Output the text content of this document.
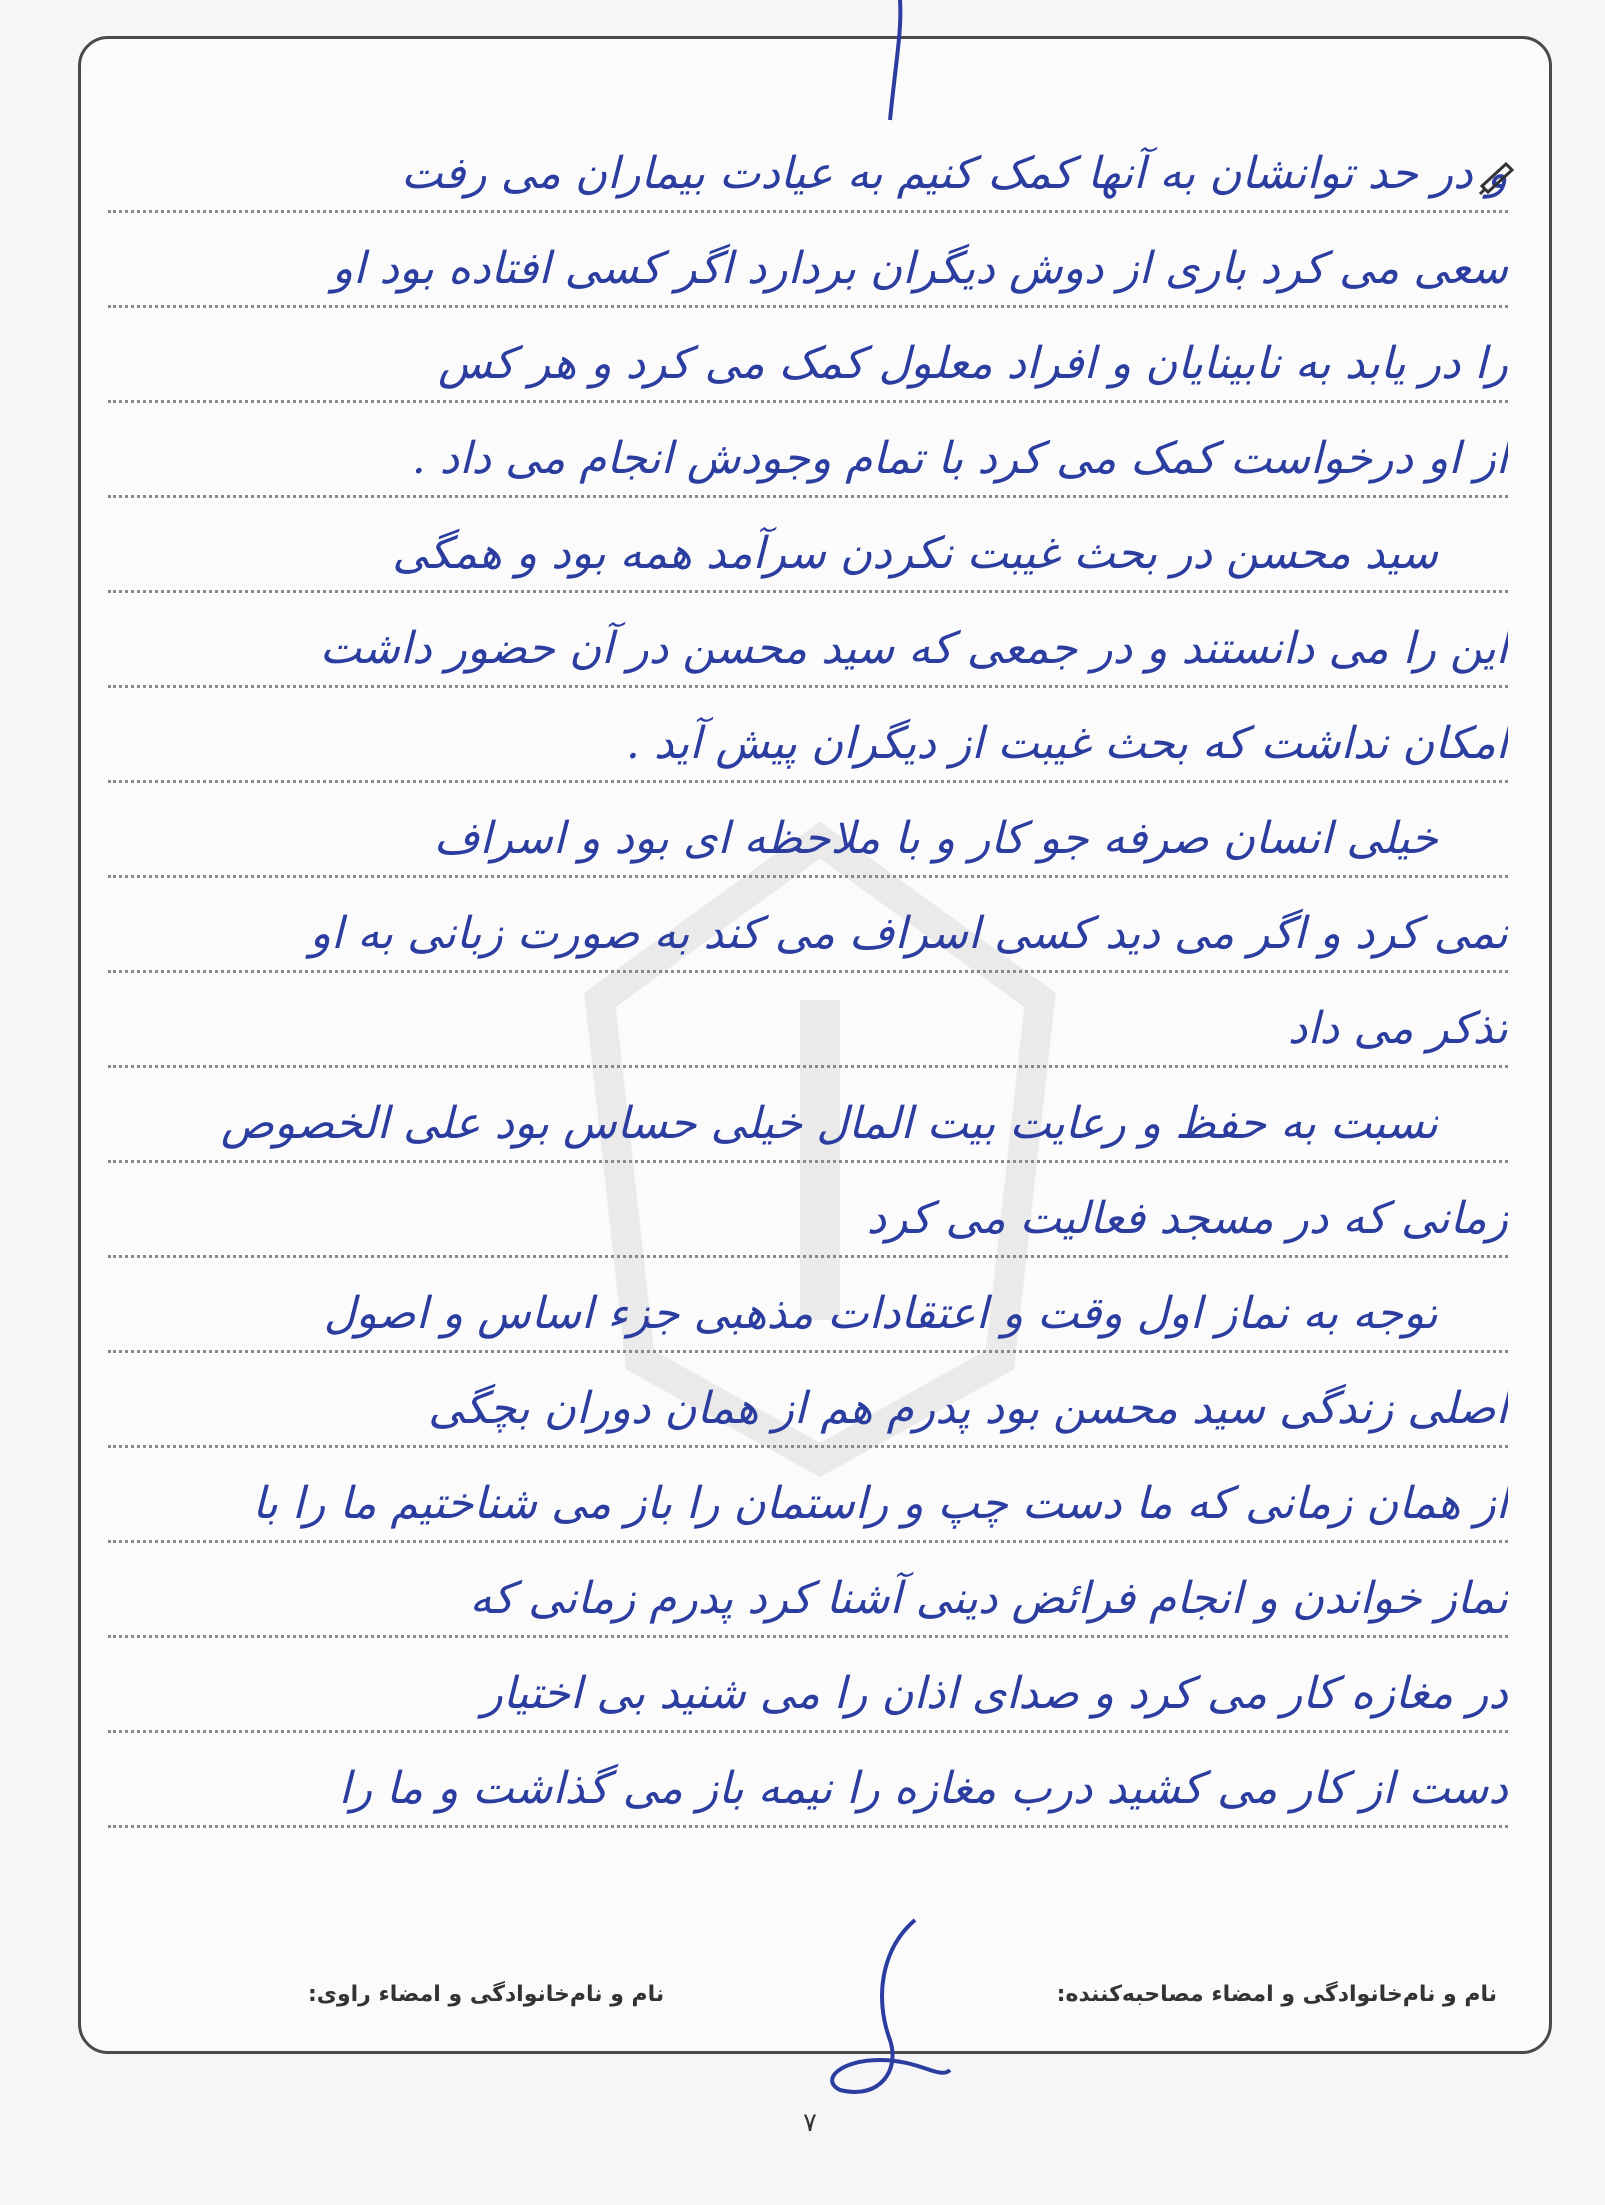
و در حد توانشان به آنها کمک کنیم به عیادت بیماران می رفت
سعی می کرد باری از دوش دیگران بردارد اگر کسی افتاده بود او
را در یابد به نابینایان و افراد معلول کمک می کرد و هر کس
از او درخواست کمک می کرد با تمام وجودش انجام می داد .
سید محسن در بحث غیبت نکردن سرآمد همه بود و همگی
این را می دانستند و در جمعی که سید محسن در آن حضور داشت
امکان نداشت که بحث غیبت از دیگران پیش آید .
خیلی انسان صرفه جو کار و با ملاحظه ای بود و اسراف
نمی کرد و اگر می دید کسی اسراف می کند به صورت زبانی به او
تذکر می داد
نسبت به حفظ و رعایت بیت المال خیلی حساس بود علی الخصوص
زمانی که در مسجد فعالیت می کرد
توجه به نماز اول وقت و اعتقادات مذهبی جزء اساس و اصول
اصلی زندگی سید محسن بود پدرم هم از همان دوران بچگی
از همان زمانی که ما دست چپ و راستمان را باز می شناختیم ما را با
نماز خواندن و انجام فرائض دینی آشنا کرد پدرم زمانی که
در مغازه کار می کرد و صدای اذان را می شنید بی اختیار
دست از کار می کشید درب مغازه را نیمه باز می گذاشت و ما را
نام و نام‌خانوادگی و امضاء مصاحبه‌کننده:
نام و نام‌خانوادگی و امضاء راوی:
۷
